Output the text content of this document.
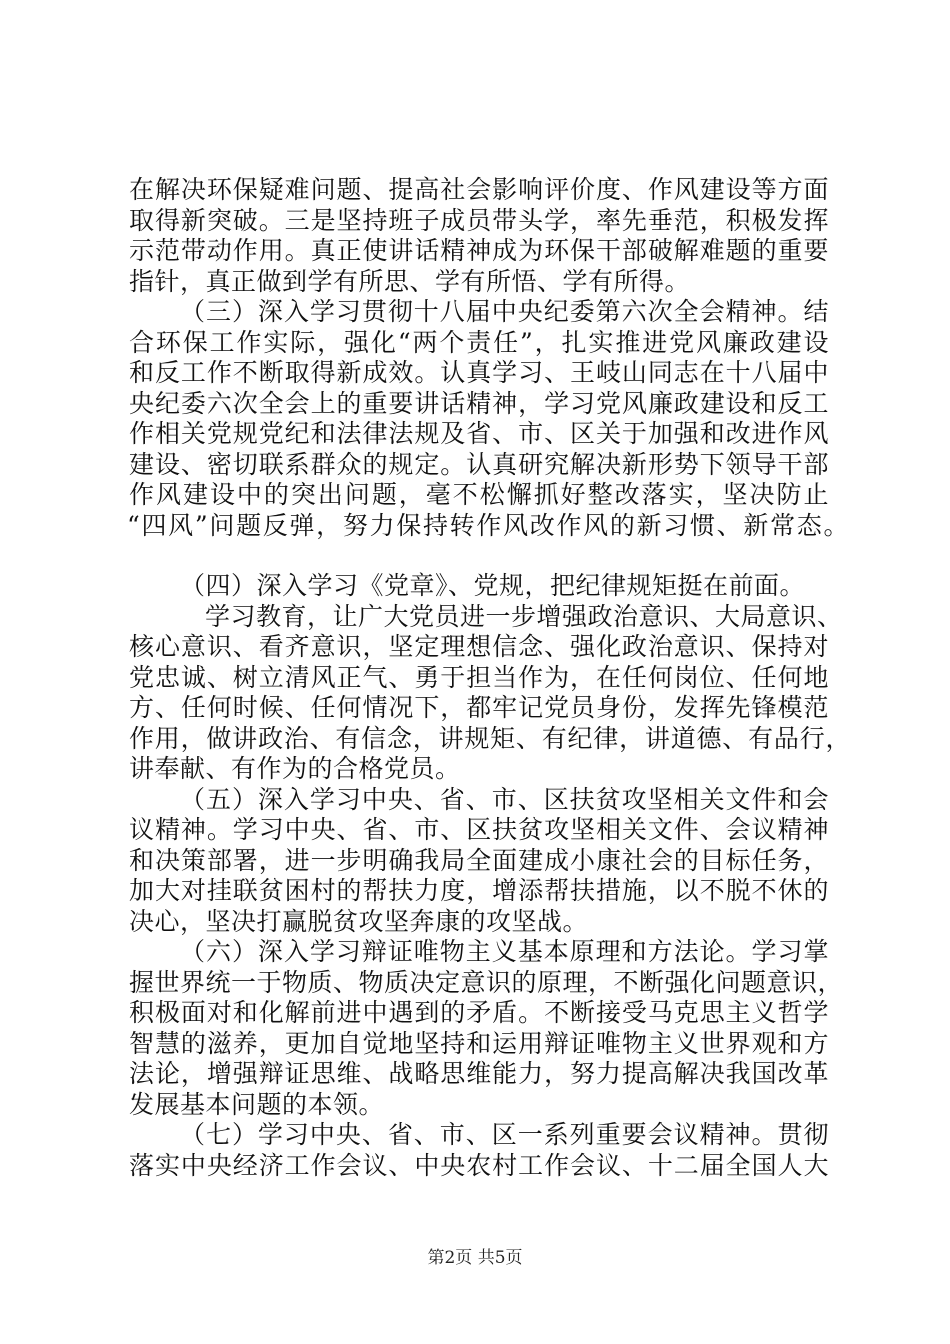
在解决环保疑难问题、提高社会影响评价度、作风建设等方面
取得新突破。三是坚持班子成员带头学，率先垂范，积极发挥
示范带动作用。真正使讲话精神成为环保干部破解难题的重要
指针，真正做到学有所思、学有所悟、学有所得。
（三）深入学习贯彻十八届中央纪委第六次全会精神。结
合环保工作实际，强化“两个责任”，扎实推进党风廉政建设
和反工作不断取得新成效。认真学习、王岐山同志在十八届中
央纪委六次全会上的重要讲话精神，学习党风廉政建设和反工
作相关党规党纪和法律法规及省、市、区关于加强和改进作风
建设、密切联系群众的规定。认真研究解决新形势下领导干部
作风建设中的突出问题，毫不松懈抓好整改落实，坚决防止
“四风”问题反弹，努力保持转作风改作风的新习惯、新常态。
（四）深入学习《党章》、党规，把纪律规矩挺在前面。
学习教育，让广大党员进一步增强政治意识、大局意识、
核心意识、看齐意识，坚定理想信念、强化政治意识、保持对
党忠诚、树立清风正气、勇于担当作为，在任何岗位、任何地
方、任何时候、任何情况下，都牢记党员身份，发挥先锋模范
作用，做讲政治、有信念，讲规矩、有纪律，讲道德、有品行，
讲奉献、有作为的合格党员。
（五）深入学习中央、省、市、区扶贫攻坚相关文件和会
议精神。学习中央、省、市、区扶贫攻坚相关文件、会议精神
和决策部署，进一步明确我局全面建成小康社会的目标任务，
加大对挂联贫困村的帮扶力度，增添帮扶措施，以不脱不休的
决心，坚决打赢脱贫攻坚奔康的攻坚战。
（六）深入学习辩证唯物主义基本原理和方法论。学习掌
握世界统一于物质、物质决定意识的原理，不断强化问题意识，
积极面对和化解前进中遇到的矛盾。不断接受马克思主义哲学
智慧的滋养，更加自觉地坚持和运用辩证唯物主义世界观和方
法论，增强辩证思维、战略思维能力，努力提高解决我国改革
发展基本问题的本领。
（七）学习中央、省、市、区一系列重要会议精神。贯彻
落实中央经济工作会议、中央农村工作会议、十二届全国人大
第2页 共5页
